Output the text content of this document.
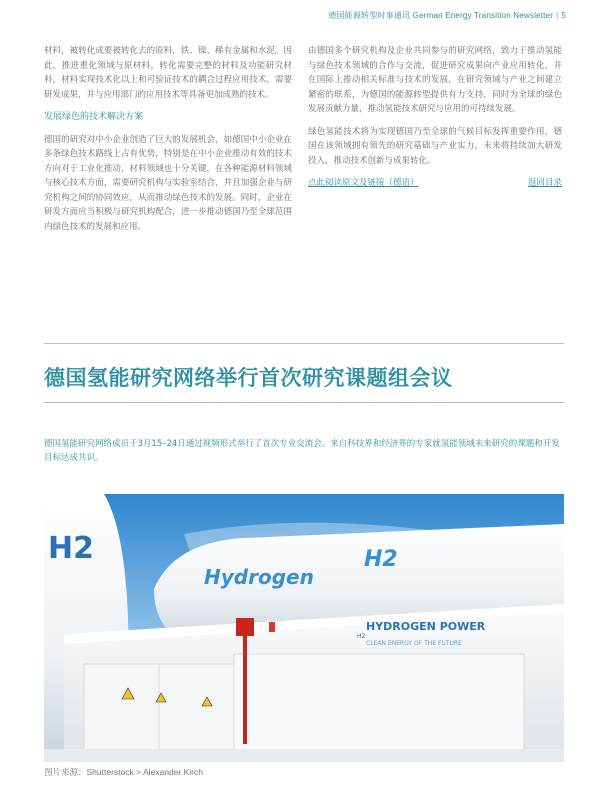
德国能源转型时事通讯 German Energy Transition Newsletter | 5

材料，被转化成要被转化去的原料，铁、镍、稀有金属和水泥。因此，推进重化领域与原材料，转化需要完整的材料及功能研究材料，材料实现技术化以上和可验证技术的耦合过程应用技术，需要研发成果，并与应用部门的应用技术等具备更加成熟的技术。

发展绿色的技术解决方案

德国的研究对中小企业创造了巨大的发展机会，如德国中小企业在多条绿色技术路线上占有优势，特别是在中小企业推动有效的技术方向对于工业化推动，材料领域也十分关键，在各种能源材料领域与核心技术方面，需要研究机构与实验室结合，并且加强企业与研究机构之间的协同效应，从而推动绿色技术的发展。同时，企业在研发方面应当积极与研究机构配合，进一步推动德国乃至全球范围内绿色技术的发展和应用。

由德国多个研究机构及企业共同参与的研究网络，致力于推动氢能与绿色技术领域的合作与交流，促进研究成果向产业应用转化，并在国际上推动相关标准与技术的发展，在研究领域与产业之间建立紧密的联系，为德国的能源转型提供有力支持，同时为全球的绿色发展贡献力量，推动氢能技术研究与应用的可持续发展。

绿色氢能技术将为实现德国乃至全球的气候目标发挥重要作用，德国在该领域拥有领先的研究基础与产业实力，未来将持续加大研发投入，推动技术创新与成果转化。

点此阅读原文及链接（德语）	返回目录
德国氢能研究网络举行首次研究课题组会议
德国氢能研究网络成员于3月15–24日通过视频形式举行了首次专业交流会。来自科技界和经济界的专家就氢能领域未来研究的课题和开发目标达成共识。
H2
Hydrogen
H2
H2
HYDROGEN POWER
CLEAN ENERGY OF THE FUTURE
图片来源：Shutterstock > Alexander Kirch
